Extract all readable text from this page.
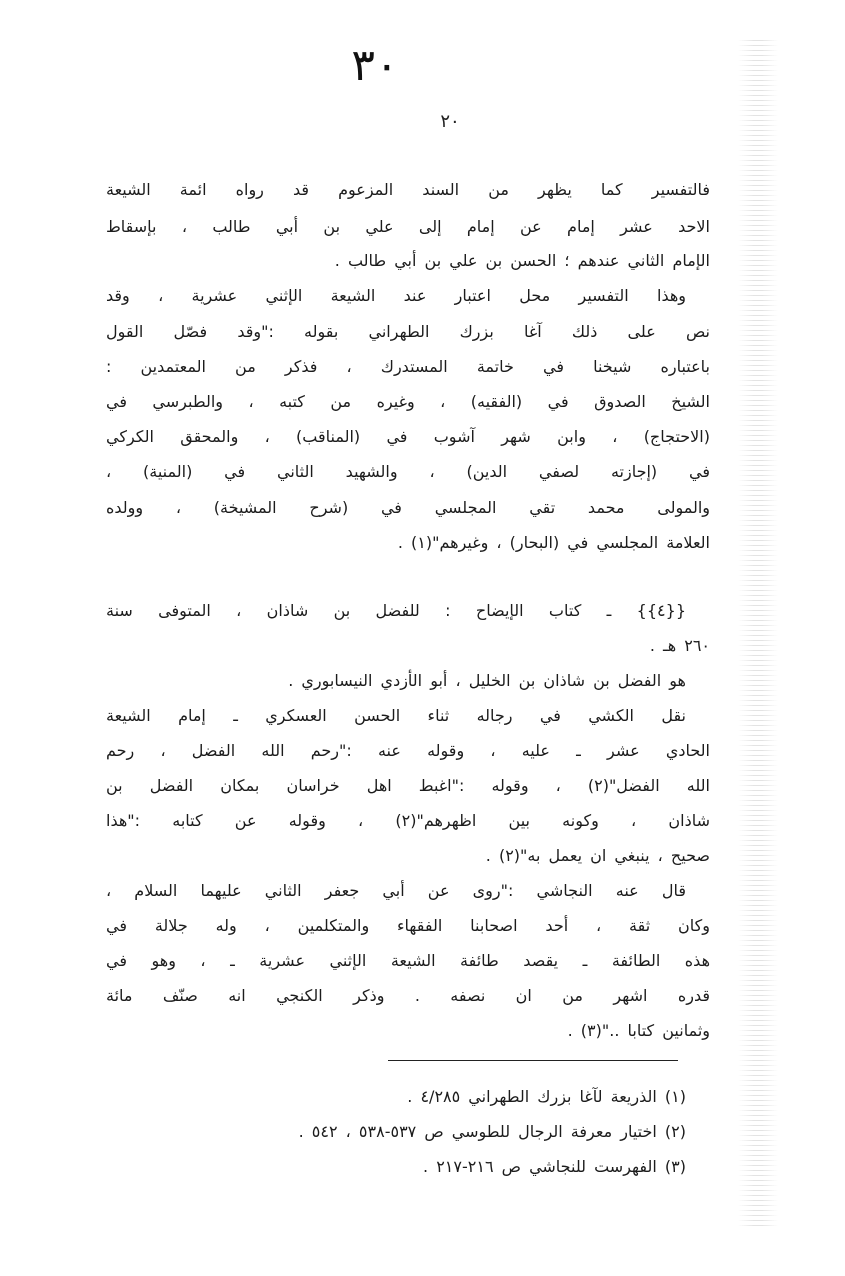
٣٠
٢٠
فالتفسير كما يظهر من السند المزعوم قد رواه ائمة الشيعة
الاحد عشر إمام عن إمام إلى علي بن أبي طالب ، بإسقاط
الإمام الثاني عندهم ؛ الحسن بن علي بن أبي طالب .
وهذا التفسير محل اعتبار عند الشيعة الإثني عشرية ، وقد
نص على ذلك آغا بزرك الطهراني بقوله :"وقد فصّل القول
باعتباره شيخنا في خاتمة المستدرك ، فذكر من المعتمدين :
الشيخ الصدوق في (الفقيه) ، وغيره من كتبه ، والطبرسي في
(الاحتجاج) ، وابن شهر آشوب في (المناقب) ، والمحقق الكركي
في (إجازته لصفي الدين) ، والشهيد الثاني في (المنية) ،
والمولى محمد تقي المجلسي في (شرح المشيخة) ، وولده
العلامة المجلسي في (البحار) ، وغيرهم"(١) .
{{٤}} ـ كتاب الإيضاح : للفضل بن شاذان ، المتوفى سنة
٢٦٠ هـ .
هو الفضل بن شاذان بن الخليل ، أبو الأزدي النيسابوري .
نقل الكشي في رجاله ثناء الحسن العسكري ـ إمام الشيعة
الحادي عشر ـ عليه ، وقوله عنه :"رحم الله الفضل ، رحم
الله الفضل"(٢) ، وقوله :"اغبط اهل خراسان بمكان الفضل بن
شاذان ، وكونه بين اظهرهم"(٢) ، وقوله عن كتابه :"هذا
صحيح ، ينبغي ان يعمل به"(٢) .
قال عنه النجاشي :"روى عن أبي جعفر الثاني عليهما السلام ،
وكان ثقة ، أحد اصحابنا الفقهاء والمتكلمين ، وله جلالة في
هذه الطائفة ـ يقصد طائفة الشيعة الإثني عشرية ـ ، وهو في
قدره اشهر من ان نصفه . وذكر الكنجي انه صنّف مائة
وثمانين كتابا .."(٣) .
(١) الذريعة لآغا بزرك الطهراني ٤/٢٨٥ .
(٢) اختيار معرفة الرجال للطوسي ص ٥٣٧-٥٣٨ ، ٥٤٢ .
(٣) الفهرست للنجاشي ص ٢١٦-٢١٧ .
